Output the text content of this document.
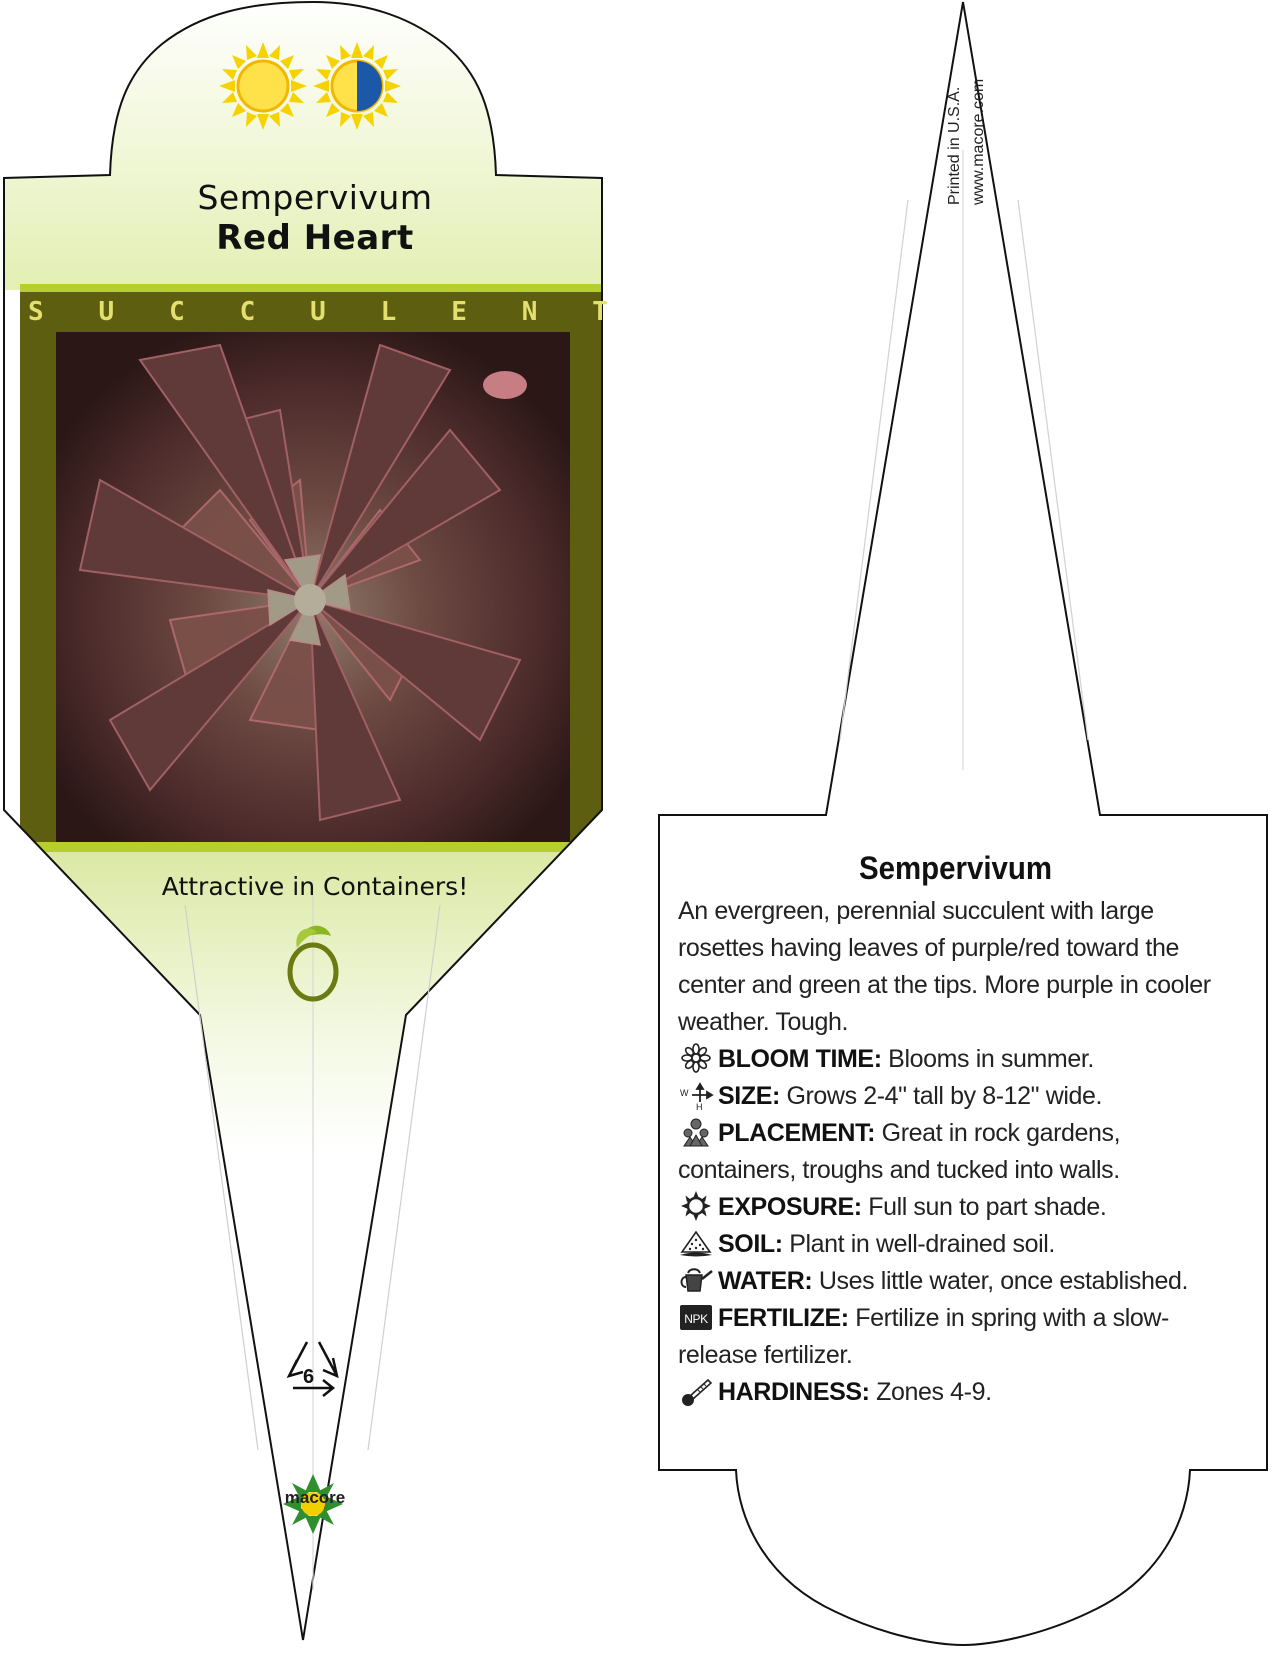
Sempervivum
Red Heart
S U C C U L E N T
Attractive in Containers!
6
macore
Printed in U.S.A. www.macore.com
Sempervivum

An evergreen, perennial succulent with large rosettes having leaves of purple/red toward the center and green at the tips. More purple in cooler weather. Tough.

BLOOM TIME: Blooms in summer.
W
H SIZE: Grows 2-4" tall by 8-12" wide.
PLACEMENT: Great in rock gardens, containers, troughs and tucked into walls.
EXPOSURE: Full sun to part shade.
SOIL: Plant in well-drained soil.
WATER: Uses little water, once established.
NPK FERTILIZE: Fertilize in spring with a slow-release fertilizer.
HARDINESS: Zones 4-9.
